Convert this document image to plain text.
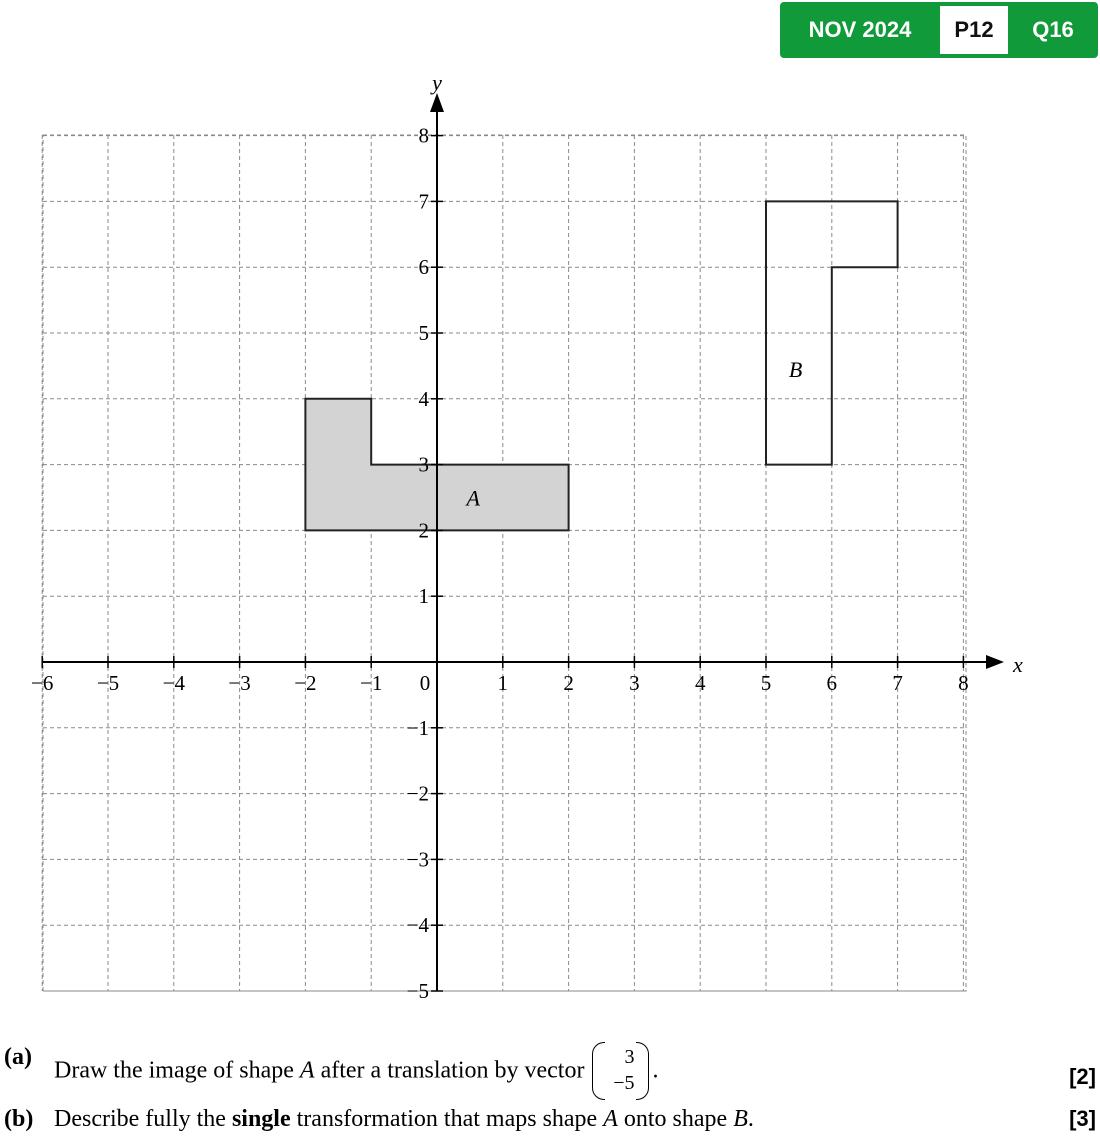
NOV 2024	P12	Q16
A
B
x
y
−6 −5 −4 −3 −2 −1 0	1	2	3	4	5	6	7	8
1
2
3
4
5
6
7
8
−1
−2
−3
−4
−5
(a)
Draw the image of shape A after a translation by vector
3
−5 .	[2]
(b) Describe fully the single transformation that maps shape A onto shape B.	[3]
